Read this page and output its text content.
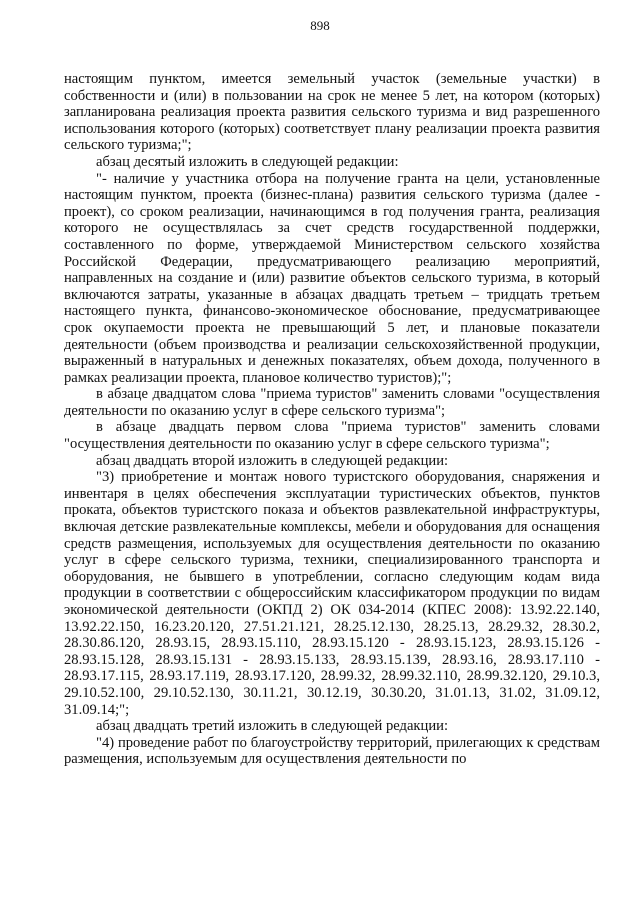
898

настоящим пунктом, имеется земельный участок (земельные участки) в собственности и (или) в пользовании на срок не менее 5 лет, на котором (которых) запланирована реализация проекта развития сельского туризма и вид разрешенного использования которого (которых) соответствует плану реализации проекта развития сельского туризма;";

абзац десятый изложить в следующей редакции:

"- наличие у участника отбора на получение гранта на цели, установленные настоящим пунктом, проекта (бизнес-плана) развития сельского туризма (далее - проект), со сроком реализации, начинающимся в год получения гранта, реализация которого не осуществлялась за счет средств государственной поддержки, составленного по форме, утверждаемой Министерством сельского хозяйства Российской Федерации, предусматривающего реализацию мероприятий, направленных на создание и (или) развитие объектов сельского туризма, в который включаются затраты, указанные в абзацах двадцать третьем – тридцать третьем настоящего пункта, финансово-экономическое обоснование, предусматривающее срок окупаемости проекта не превышающий 5 лет, и плановые показатели деятельности (объем производства и реализации сельскохозяйственной продукции, выраженный в натуральных и денежных показателях, объем дохода, полученного в рамках реализации проекта, плановое количество туристов);";

в абзаце двадцатом слова "приема туристов" заменить словами "осуществления деятельности по оказанию услуг в сфере сельского туризма";

в абзаце двадцать первом слова "приема туристов" заменить словами "осуществления деятельности по оказанию услуг в сфере сельского туризма";

абзац двадцать второй изложить в следующей редакции:

"3) приобретение и монтаж нового туристского оборудования, снаряжения и инвентаря в целях обеспечения эксплуатации туристических объектов, пунктов проката, объектов туристского показа и объектов развлекательной инфраструктуры, включая детские развлекательные комплексы, мебели и оборудования для оснащения средств размещения, используемых для осуществления деятельности по оказанию услуг в сфере сельского туризма, техники, специализированного транспорта и оборудования, не бывшего в употреблении, согласно следующим кодам вида продукции в соответствии с общероссийским классификатором продукции по видам экономической деятельности (ОКПД 2) ОК 034-2014 (КПЕС 2008): 13.92.22.140, 13.92.22.150, 16.23.20.120, 27.51.21.121, 28.25.12.130, 28.25.13, 28.29.32, 28.30.2, 28.30.86.120, 28.93.15, 28.93.15.110, 28.93.15.120 - 28.93.15.123, 28.93.15.126 - 28.93.15.128, 28.93.15.131 - 28.93.15.133, 28.93.15.139, 28.93.16, 28.93.17.110 - 28.93.17.115, 28.93.17.119, 28.93.17.120, 28.99.32, 28.99.32.110, 28.99.32.120, 29.10.3, 29.10.52.100, 29.10.52.130, 30.11.21, 30.12.19, 30.30.20, 31.01.13, 31.02, 31.09.12, 31.09.14;";

абзац двадцать третий изложить в следующей редакции:

"4) проведение работ по благоустройству территорий, прилегающих к средствам размещения, используемым для осуществления деятельности по
